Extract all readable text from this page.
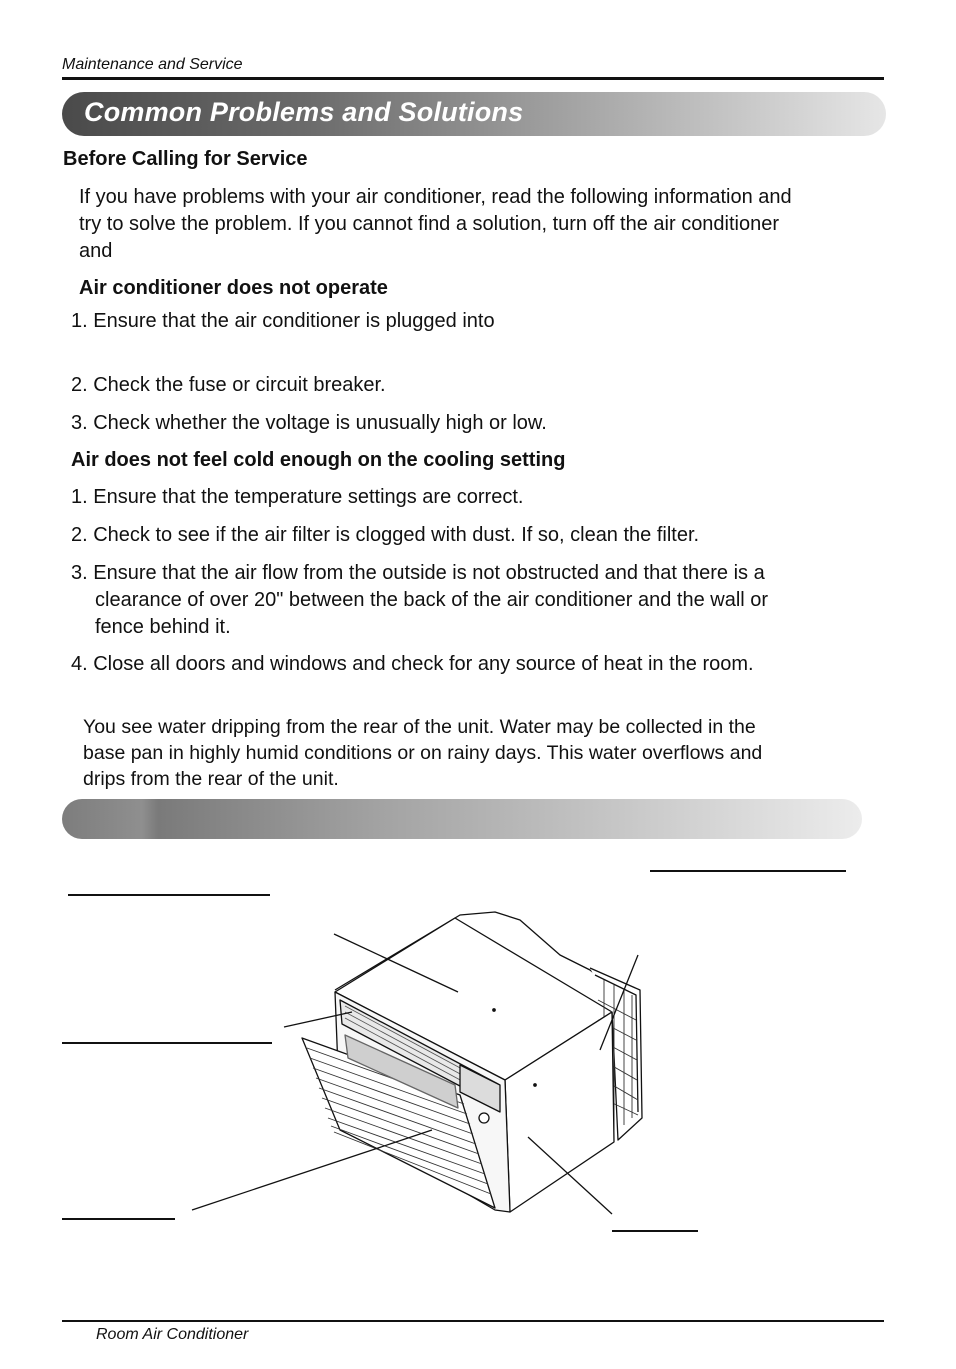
Maintenance and Service
Common Problems and Solutions
Before Calling for Service
If you have problems with your air conditioner, read the following information and
try to solve the problem. If you cannot find a solution, turn off the air conditioner
and
Air conditioner does not operate
1. Ensure that the air conditioner is plugged into
2. Check the fuse or circuit breaker.
3. Check whether the voltage is unusually high or low.
Air does not feel cold enough on the cooling setting
1. Ensure that the temperature settings are correct.
2. Check to see if the air filter is clogged with dust. If so, clean the filter.
3. Ensure that the air flow from the outside is not obstructed and that there is a
clearance of over 20" between the back of the air conditioner and the wall or
fence behind it.
4. Close all doors and windows and check for any source of heat in the room.
You see water dripping from the rear of the unit. Water may be collected in the
base pan in highly humid conditions or on rainy days. This water overflows and
drips from the rear of the unit.
Room Air Conditioner
